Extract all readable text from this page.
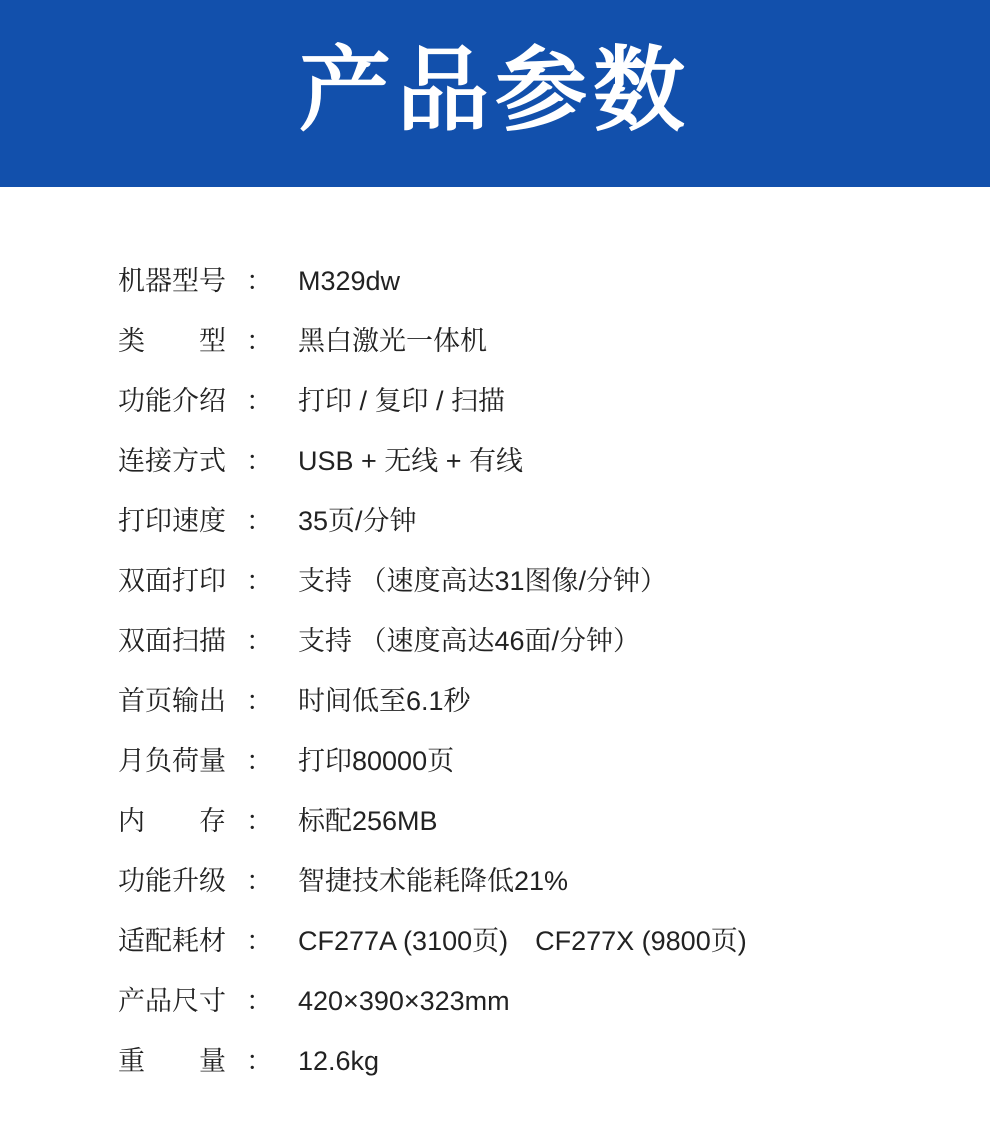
产品参数
机器型号 ： M329dw
类　　型 ： 黑白激光一体机
功能介绍 ： 打印 / 复印 / 扫描
连接方式 ： USB + 无线 + 有线
打印速度 ： 35页/分钟
双面打印 ： 支持 （速度高达31图像/分钟）
双面扫描 ： 支持 （速度高达46面/分钟）
首页输出 ： 时间低至6.1秒
月负荷量 ： 打印80000页
内　　存 ： 标配256MB
功能升级 ： 智捷技术能耗降低21%
适配耗材 ： CF277A (3100页)　CF277X (9800页)
产品尺寸 ： 420×390×323mm
重　　量 ： 12.6kg
